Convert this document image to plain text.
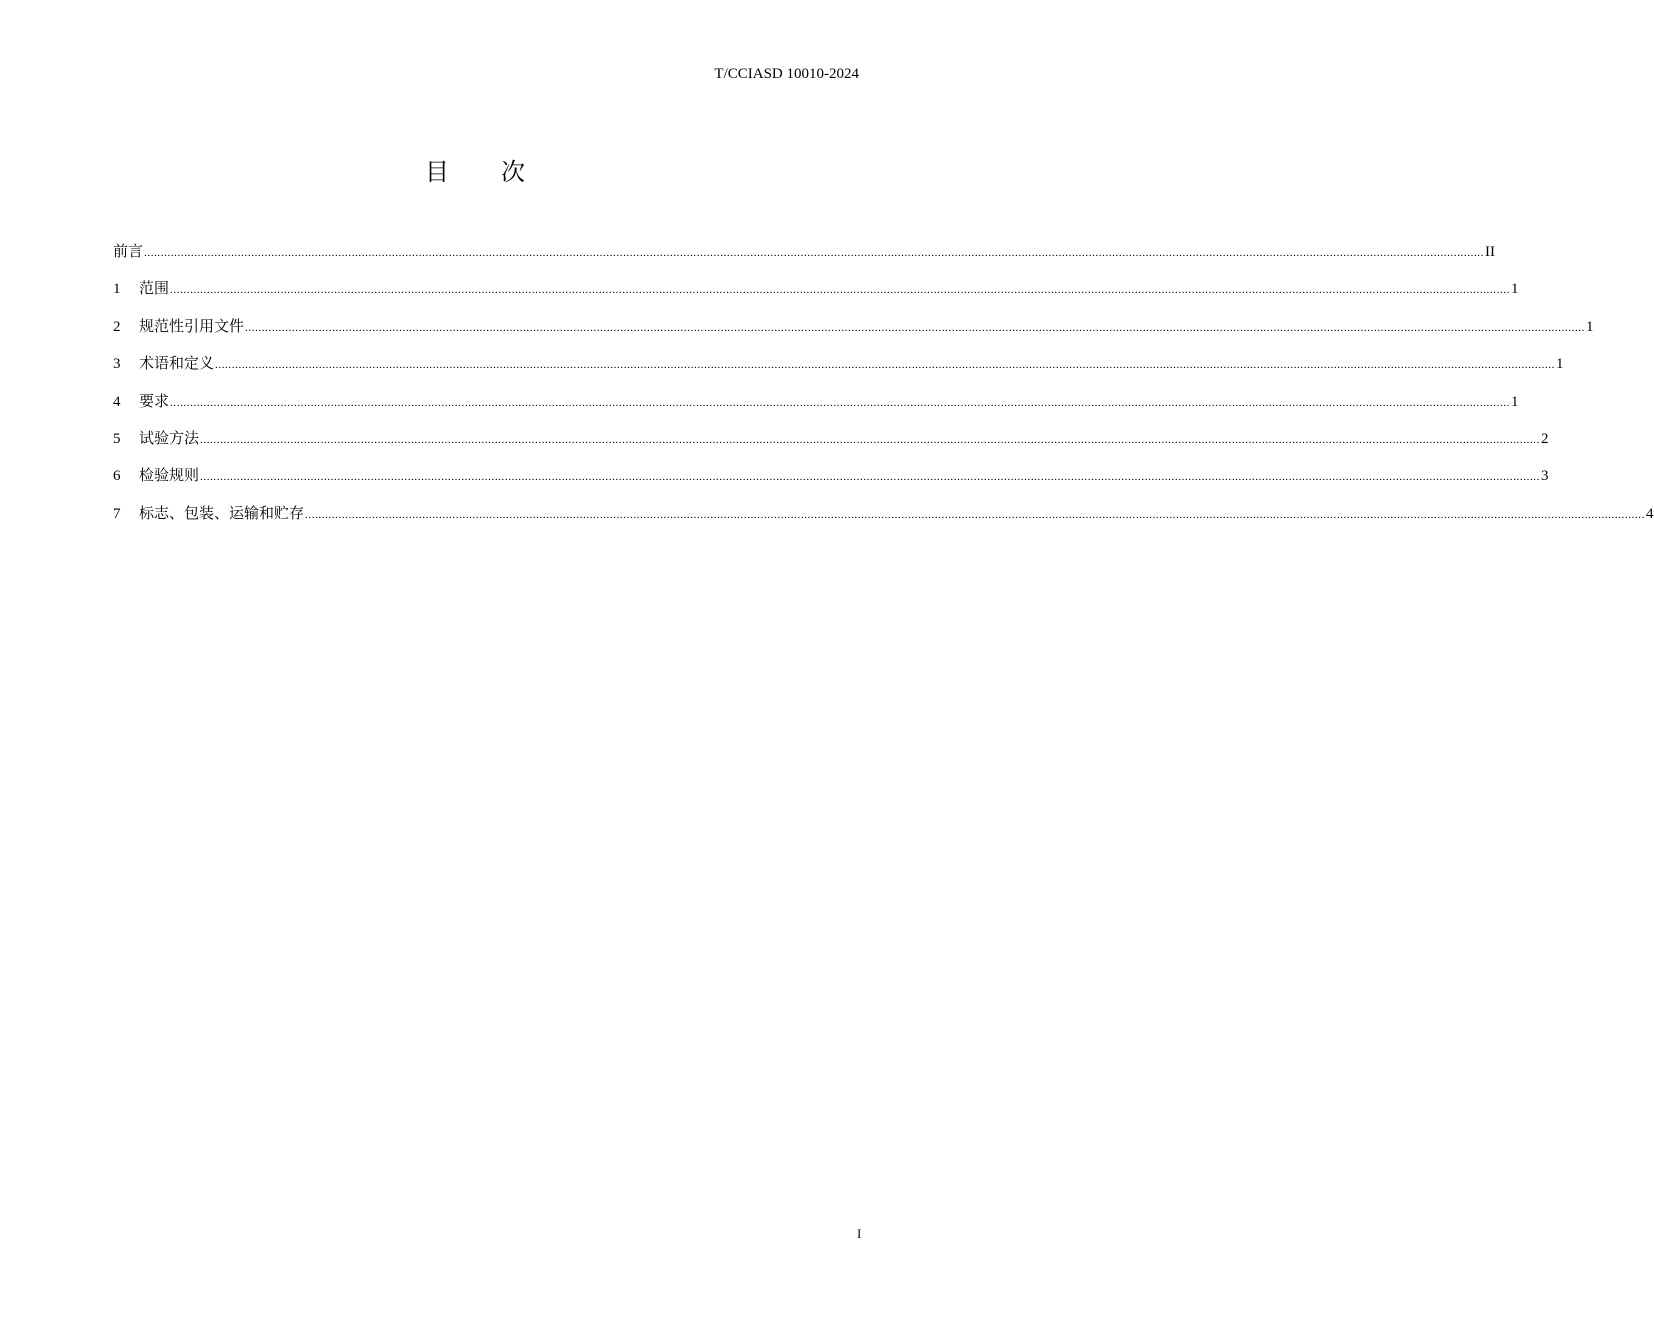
T/CCIASD 10010-2024
目 次
前言 ................................................................................................................................................................................................................................................................................................................................................................................................................ II
1	范围 ................................................................................................................................................................................................................................................................................................................................................................................................................ 1
2	规范性引用文件 ................................................................................................................................................................................................................................................................................................................................................................................................................ 1
3	术语和定义 ................................................................................................................................................................................................................................................................................................................................................................................................................ 1
4	要求 ................................................................................................................................................................................................................................................................................................................................................................................................................ 1
5	试验方法 ................................................................................................................................................................................................................................................................................................................................................................................................................ 2
6	检验规则 ................................................................................................................................................................................................................................................................................................................................................................................................................ 3
7	标志、包装、运输和贮存 ................................................................................................................................................................................................................................................................................................................................................................................................................ 4
I
